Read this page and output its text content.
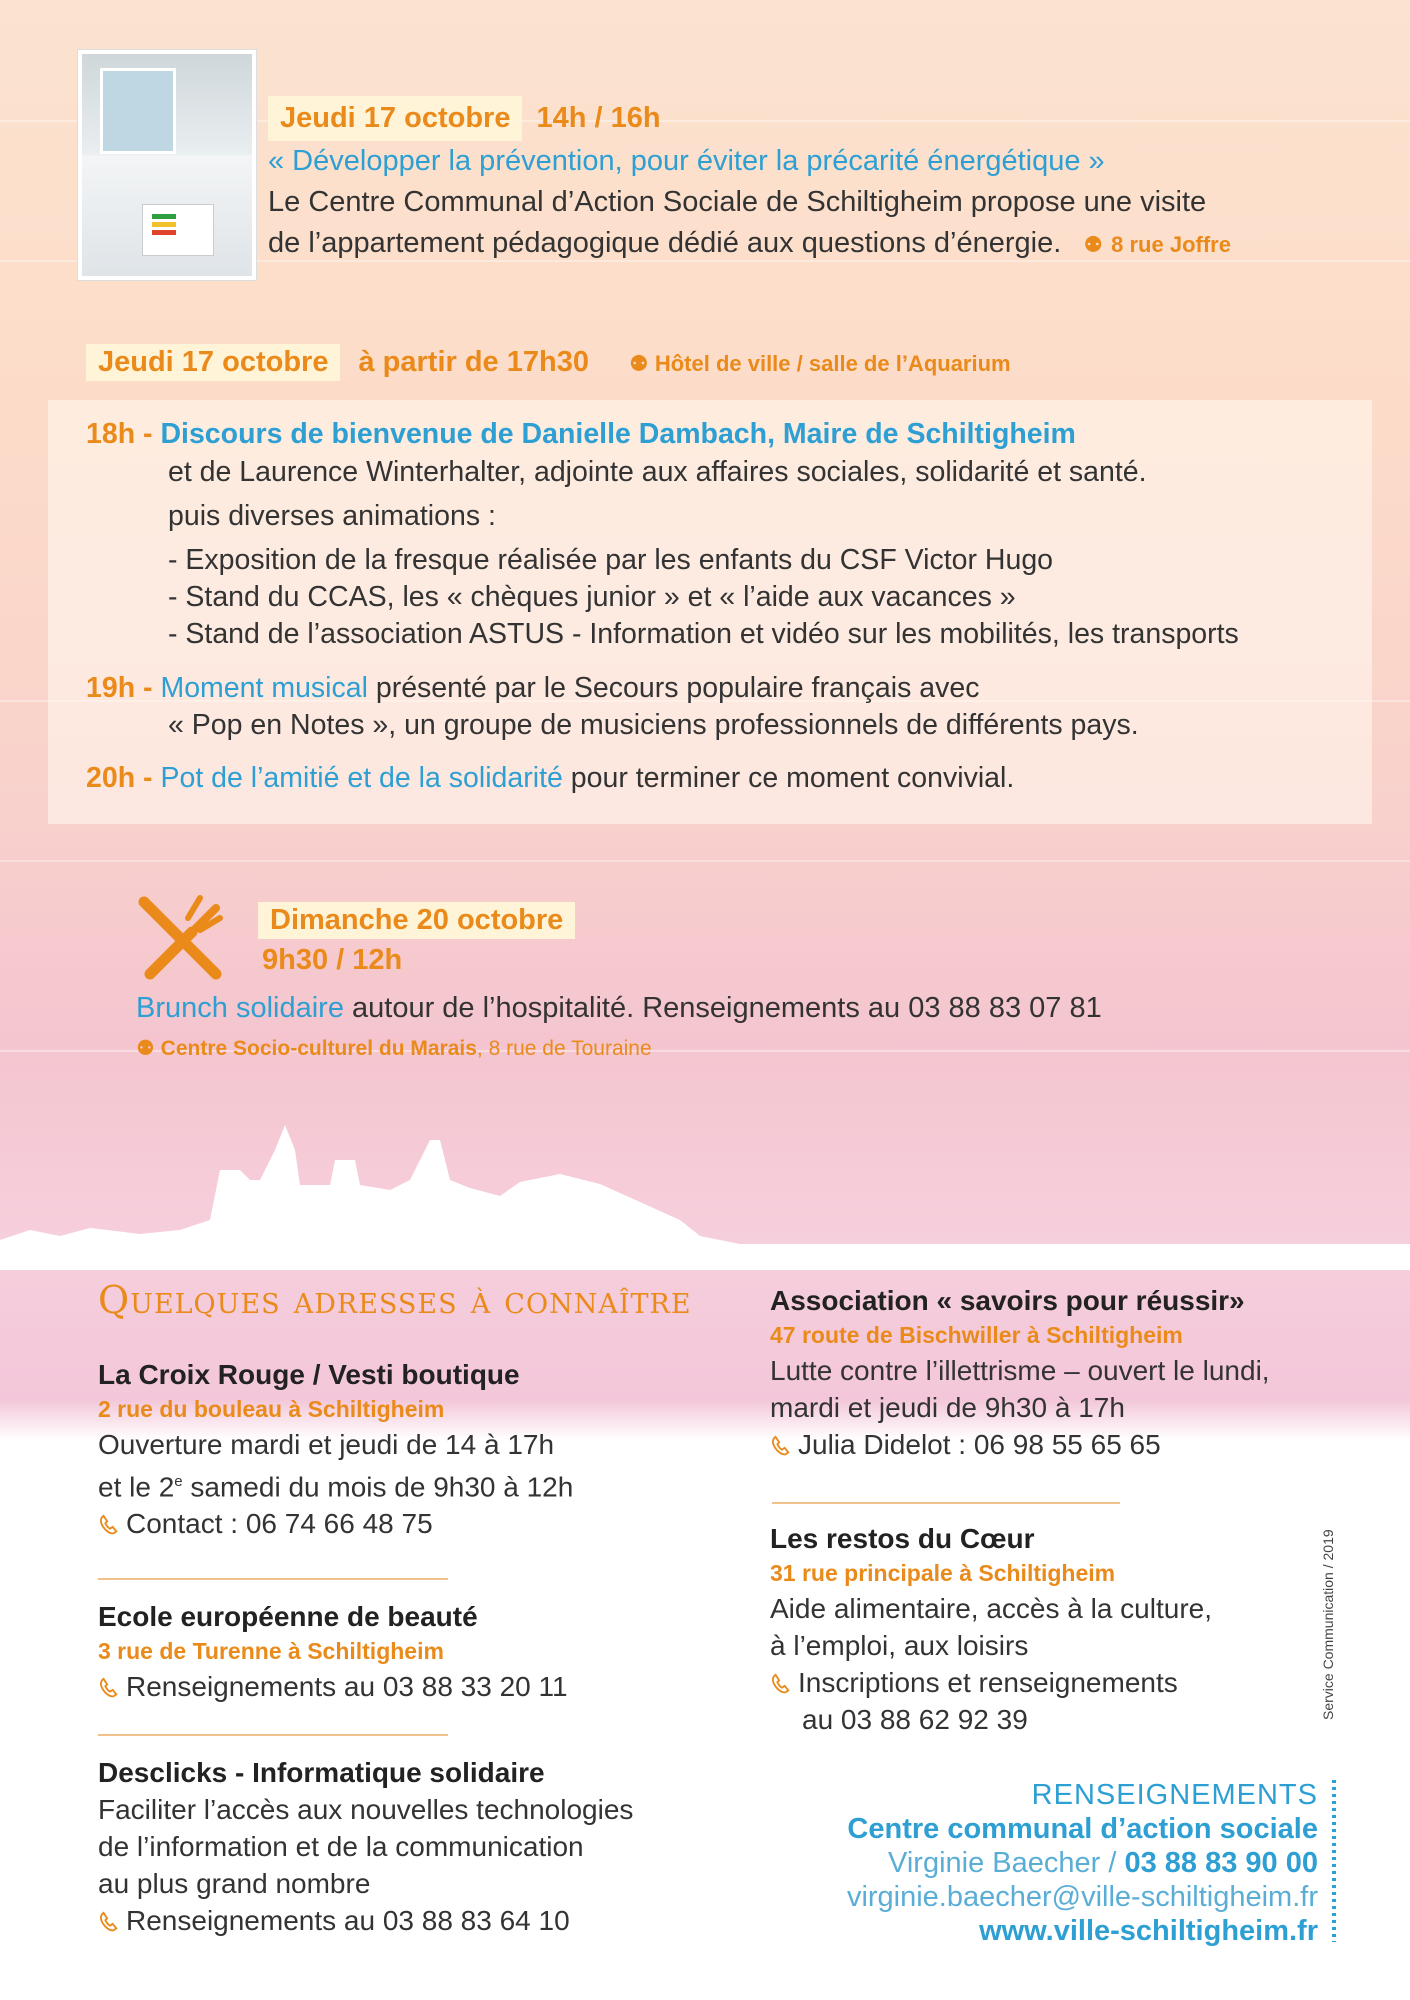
Jeudi 17 octobre 14h / 16h
« Développer la prévention, pour éviter la précarité énergétique »
Le Centre Communal d’Action Sociale de Schiltigheim propose une visite
de l’appartement pédagogique dédié aux questions d’énergie. ⚉ 8 rue Joffre
Jeudi 17 octobre à partir de 17h30 ⚉ Hôtel de ville / salle de l’Aquarium
18h - Discours de bienvenue de Danielle Dambach, Maire de Schiltigheim
et de Laurence Winterhalter, adjointe aux affaires sociales, solidarité et santé.
puis diverses animations :
- Exposition de la fresque réalisée par les enfants du CSF Victor Hugo
- Stand du CCAS, les « chèques junior » et « l’aide aux vacances »
- Stand de l’association ASTUS - Information et vidéo sur les mobilités, les transports
19h - Moment musical présenté par le Secours populaire français avec
« Pop en Notes », un groupe de musiciens professionnels de différents pays.
20h - Pot de l’amitié et de la solidarité pour terminer ce moment convivial.
Dimanche 20 octobre
9h30 / 12h
Brunch solidaire autour de l’hospitalité. Renseignements au 03 88 83 07 81
⚉ Centre Socio-culturel du Marais, 8 rue de Touraine
Quelques adresses à connaître
La Croix Rouge / Vesti boutique
2 rue du bouleau à Schiltigheim
Ouverture mardi et jeudi de 14 à 17h
et le 2e samedi du mois de 9h30 à 12h
Contact : 06 74 66 48 75
Ecole européenne de beauté
3 rue de Turenne à Schiltigheim
Renseignements au 03 88 33 20 11
Desclicks - Informatique solidaire
Faciliter l’accès aux nouvelles technologies
de l’information et de la communication
au plus grand nombre
Renseignements au 03 88 83 64 10
Association « savoirs pour réussir»
47 route de Bischwiller à Schiltigheim
Lutte contre l’illettrisme – ouvert le lundi,
mardi et jeudi de 9h30 à 17h
Julia Didelot : 06 98 55 65 65
Les restos du Cœur
31 rue principale à Schiltigheim
Aide alimentaire, accès à la culture,
à l’emploi, aux loisirs
Inscriptions et renseignements
au 03 88 62 92 39
RENSEIGNEMENTS
Centre communal d’action sociale
Virginie Baecher / 03 88 83 90 00
virginie.baecher@ville-schiltigheim.fr
www.ville-schiltigheim.fr
Service Communication / 2019
